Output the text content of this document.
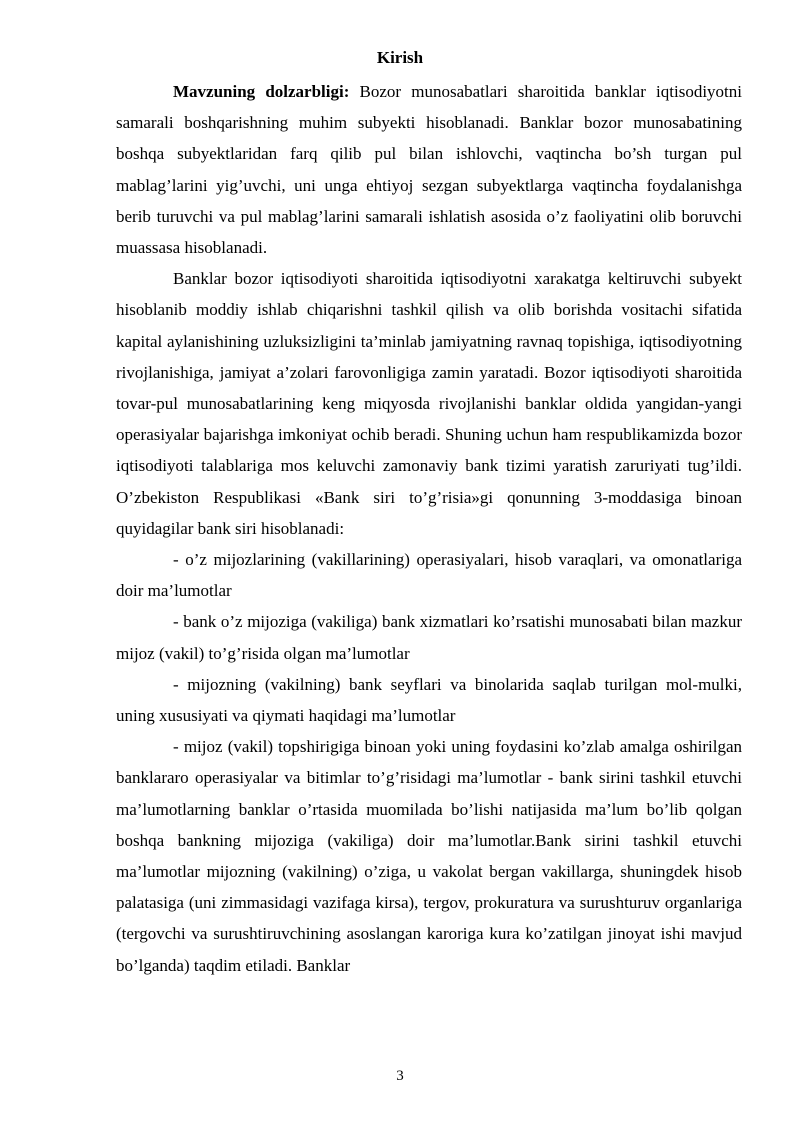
Kirish

Mavzuning dolzarbligi: Bozor munosabatlari sharoitida banklar iqtisodiyotni samarali boshqarishning muhim subyekti hisoblanadi. Banklar bozor munosabatining boshqa subyektlaridan farq qilib pul bilan ishlovchi, vaqtincha bo’sh turgan pul mablag’larini yig’uvchi, uni unga ehtiyoj sezgan subyektlarga vaqtincha foydalanishga berib turuvchi va pul mablag’larini samarali ishlatish asosida o’z faoliyatini olib boruvchi muassasa hisoblanadi.

Banklar bozor iqtisodiyoti sharoitida iqtisodiyotni xarakatga keltiruvchi subyekt hisoblanib moddiy ishlab chiqarishni tashkil qilish va olib borishda vositachi sifatida kapital aylanishining uzluksizligini ta’minlab jamiyatning ravnaq topishiga, iqtisodiyotning rivojlanishiga, jamiyat a’zolari farovonligiga zamin yaratadi. Bozor iqtisodiyoti sharoitida tovar-pul munosabatlarining keng miqyosda rivojlanishi banklar oldida yangidan-yangi operasiyalar bajarishga imkoniyat ochib beradi. Shuning uchun ham respublikamizda bozor iqtisodiyoti talablariga mos keluvchi zamonaviy bank tizimi yaratish zaruriyati tug’ildi. O’zbekiston Respublikasi «Bank siri to’g’risia»gi qonunning 3-moddasiga binoan quyidagilar bank siri hisoblanadi:

- o’z mijozlarining (vakillarining) operasiyalari, hisob varaqlari, va omonatlariga doir ma’lumotlar

- bank o’z mijoziga (vakiliga) bank xizmatlari ko’rsatishi munosabati bilan mazkur mijoz (vakil) to’g’risida olgan ma’lumotlar

- mijozning (vakilning) bank seyflari va binolarida saqlab turilgan mol-mulki, uning xususiyati va qiymati haqidagi ma’lumotlar

- mijoz (vakil) topshirigiga binoan yoki uning foydasini ko’zlab amalga oshirilgan banklararo operasiyalar va bitimlar to’g’risidagi ma’lumotlar - bank sirini tashkil etuvchi ma’lumotlarning banklar o’rtasida muomilada bo’lishi natijasida ma’lum bo’lib qolgan boshqa bankning mijoziga (vakiliga) doir ma’lumotlar.Bank sirini tashkil etuvchi ma’lumotlar mijozning (vakilning) o’ziga, u vakolat bergan vakillarga, shuningdek hisob palatasiga (uni zimmasidagi vazifaga kirsa), tergov, prokuratura va surushturuv organlariga (tergovchi va surushtiruvchining asoslangan karoriga kura ko’zatilgan jinoyat ishi mavjud bo’lganda) taqdim etiladi. Banklar

3
